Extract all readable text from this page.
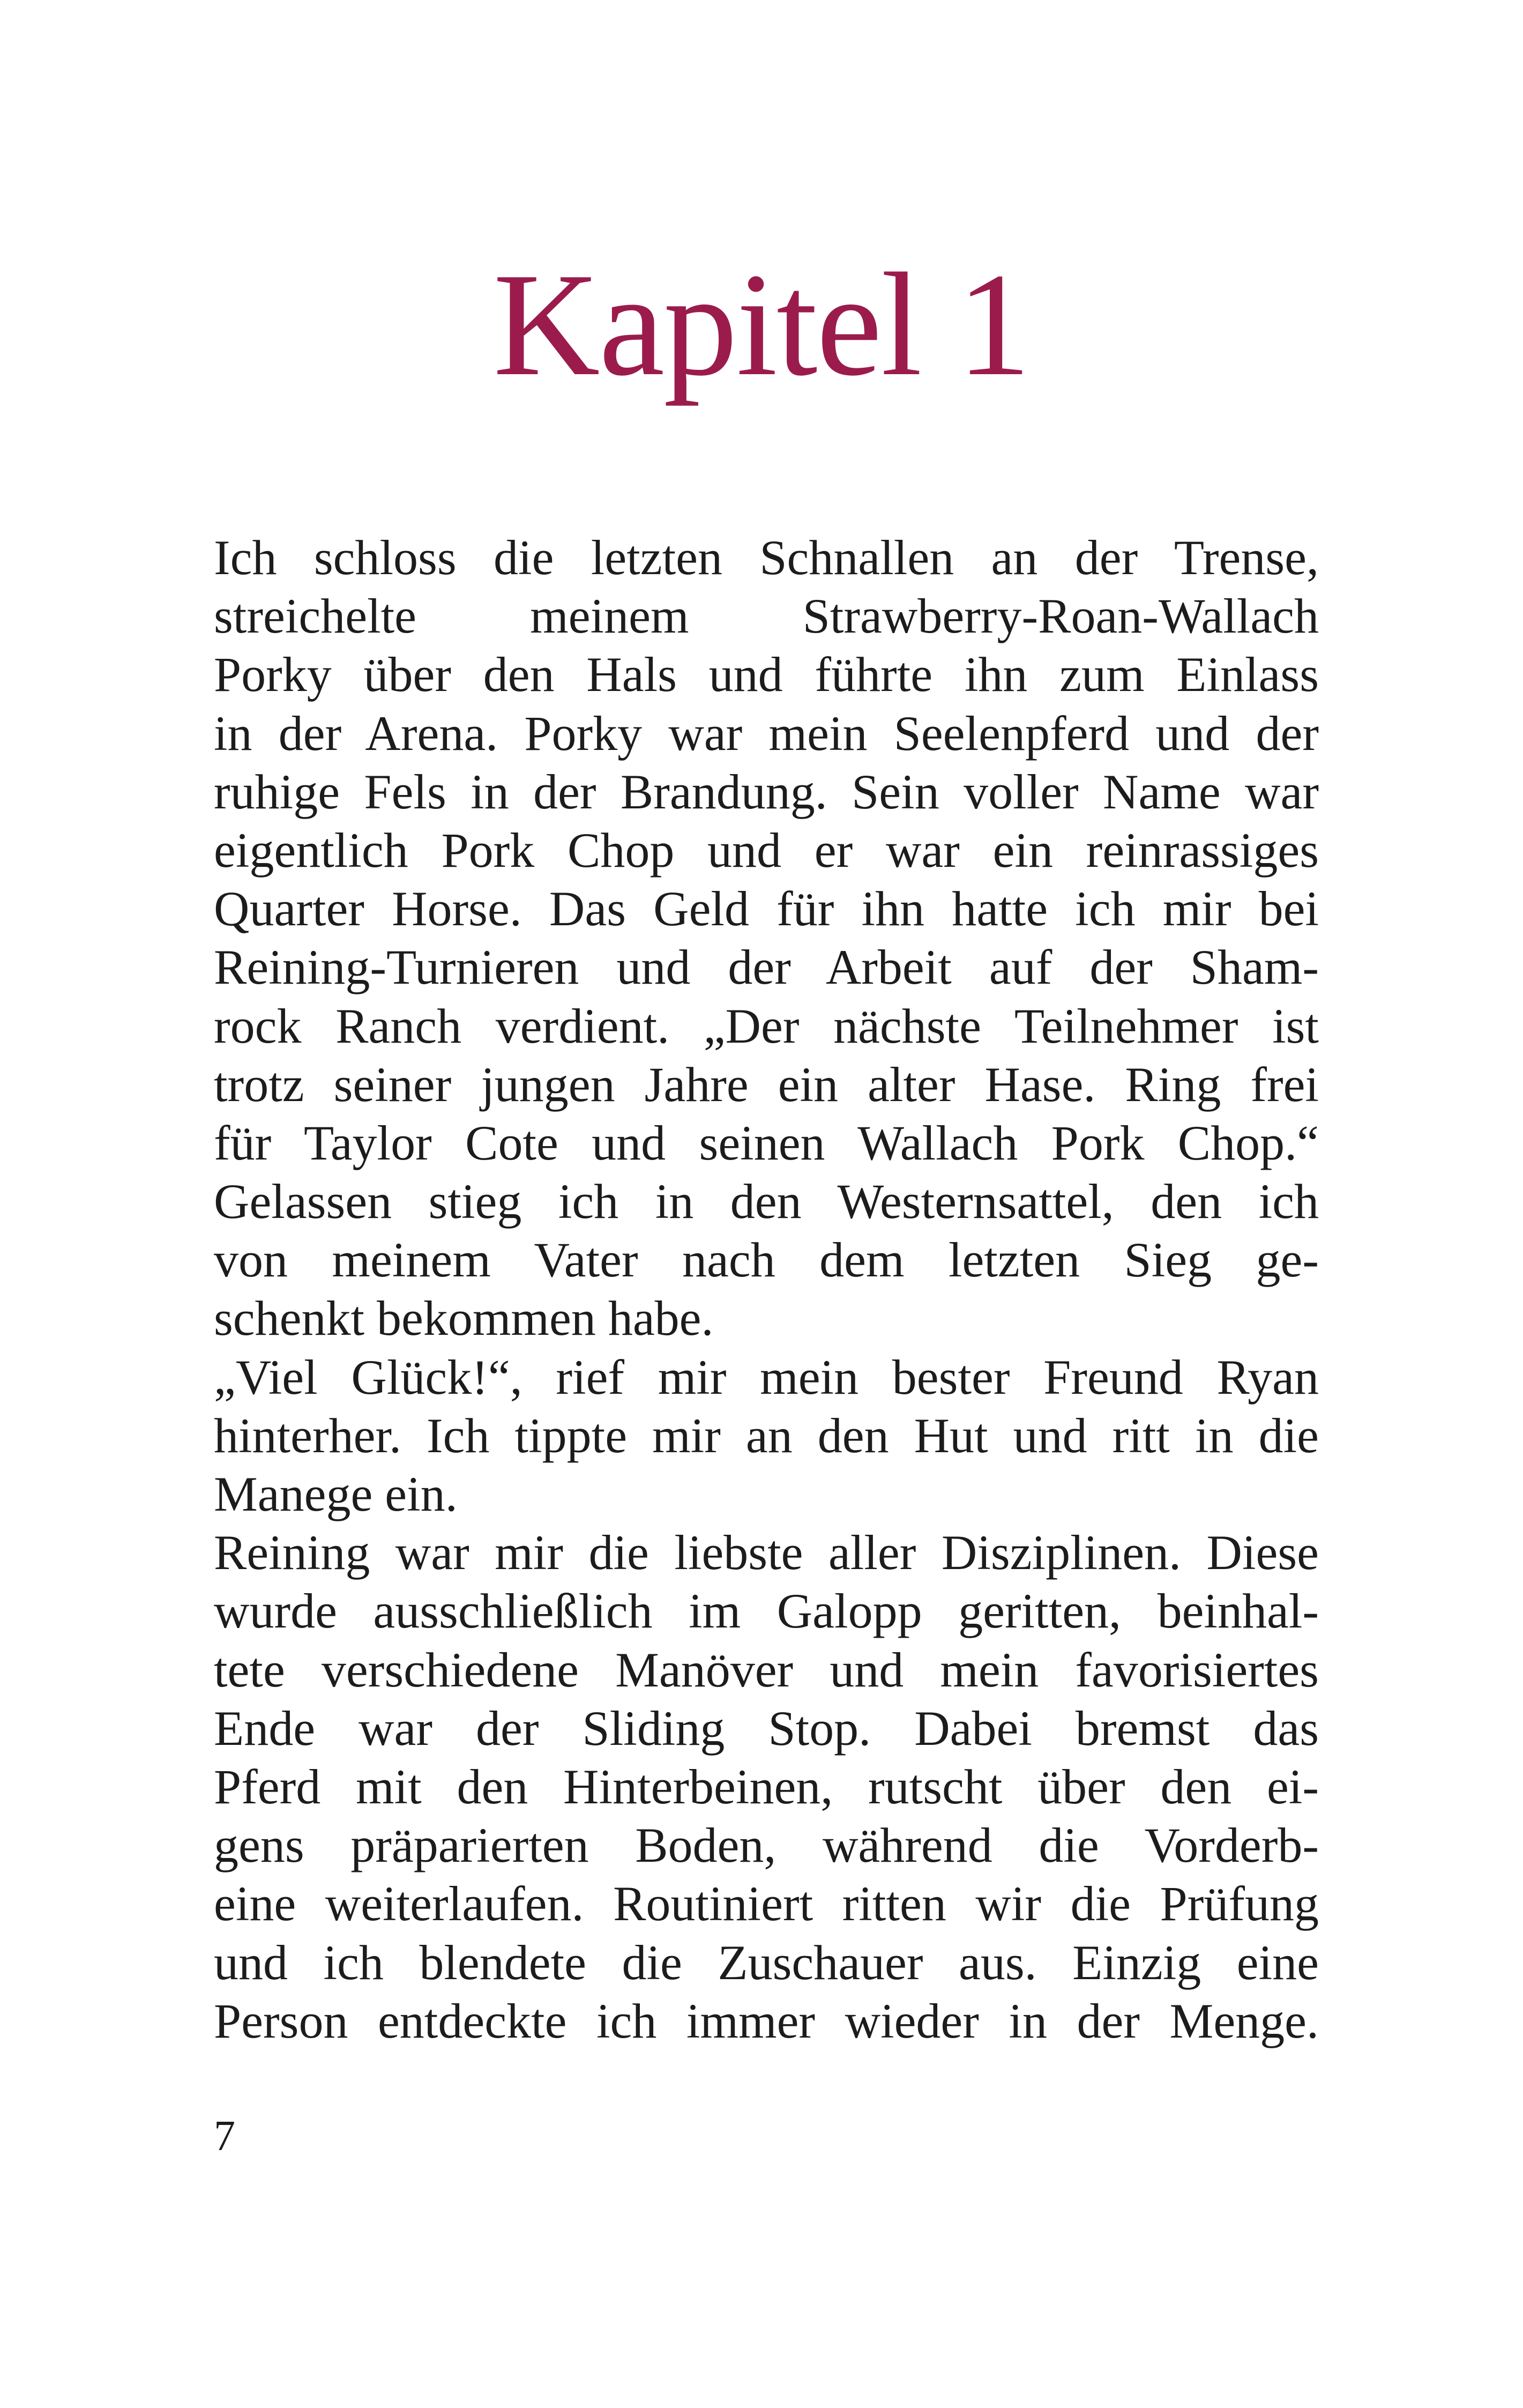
Kapitel 1
Ich schloss die letzten Schnallen an der Trense,
streichelte meinem Strawberry-Roan-Wallach
Porky über den Hals und führte ihn zum Einlass
in der Arena. Porky war mein Seelenpferd und der
ruhige Fels in der Brandung. Sein voller Name war
eigentlich Pork Chop und er war ein reinrassiges
Quarter Horse. Das Geld für ihn hatte ich mir bei
Reining-Turnieren und der Arbeit auf der Sham-
rock Ranch verdient. „Der nächste Teilnehmer ist
trotz seiner jungen Jahre ein alter Hase. Ring frei
für Taylor Cote und seinen Wallach Pork Chop.“
Gelassen stieg ich in den Westernsattel, den ich
von meinem Vater nach dem letzten Sieg ge-
schenkt bekommen habe.
„Viel Glück!“, rief mir mein bester Freund Ryan
hinterher. Ich tippte mir an den Hut und ritt in die
Manege ein.
Reining war mir die liebste aller Disziplinen. Diese
wurde ausschließlich im Galopp geritten, beinhal-
tete verschiedene Manöver und mein favorisiertes
Ende war der Sliding Stop. Dabei bremst das
Pferd mit den Hinterbeinen, rutscht über den ei-
gens präparierten Boden, während die Vorderb-
eine weiterlaufen. Routiniert ritten wir die Prüfung
und ich blendete die Zuschauer aus. Einzig eine
Person entdeckte ich immer wieder in der Menge.
7
